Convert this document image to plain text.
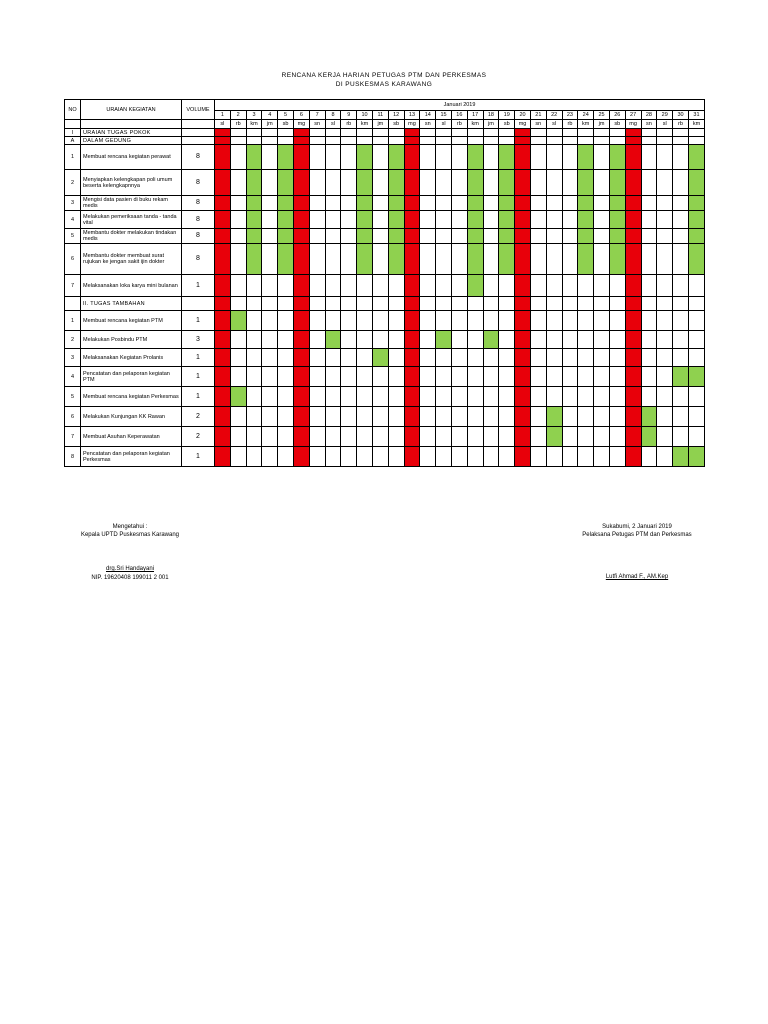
RENCANA KERJA HARIAN PETUGAS PTM DAN PERKESMAS
DI PUSKESMAS KARAWANG
NO	URAIAN KEGIATAN	VOLUME	Januari 2019																														
			1	2	3	4	5	6	7	8	9	10	11	12	13	14	15	16	17	18	19	20	21	22	23	24	25	26	27	28	29	30	31
			sl	rb	km	jm	sb	mg	sn	sl	rb	km	jm	sb	mg	sn	sl	rb	km	jm	sb	mg	sn	sl	rb	km	jm	sb	mg	sn	sl	rb	km
I	URAIAN TUGAS POKOK																																
A	DALAM GEDUNG																																
1	Membuat rencana kegiatan perawat	8																															
2	Menyiapkan kelengkapan poli umum beserta kelengkapnnya	8																															
3	Mengisi data pasien di buku rekam medis	8																															
4	Melakukan pemeriksaan tanda - tanda vital	8																															
5	Membantu dokter melakukan tindakan medis	8																															
6	Membantu dokter membuat surat rujukan ke jengan sakit ijin dokter	8																															
7	Melaksanakan loka karya mini bulanan	1																															
	II. TUGAS TAMBAHAN																																
1	Membuat rencana kegiatan PTM	1																															
2	Melakukan Posbindu PTM	3																															
3	Melaksanakan Kegiatan Prolanis	1																															
4	Pencatatan dan pelaporan kegiatan PTM	1																															
5	Membuat rencana kegiatan Perkesmas	1																															
6	Melakukan Kunjungan KK Rawan	2																															
7	Membuat Asuhan Keperawatan	2																															
8	Pencatatan dan pelaporan kegiatan Perkesmas	1																															
Mengetahui :
Kepala UPTD Puskesmas Karawang
drg.Sri Handayani
NIP. 19620408 199011 2 001
Sukabumi, 2 Januari 2019
Pelaksana Petugas PTM dan Perkesmas
Lutfi Ahmad F., AM.Kep
